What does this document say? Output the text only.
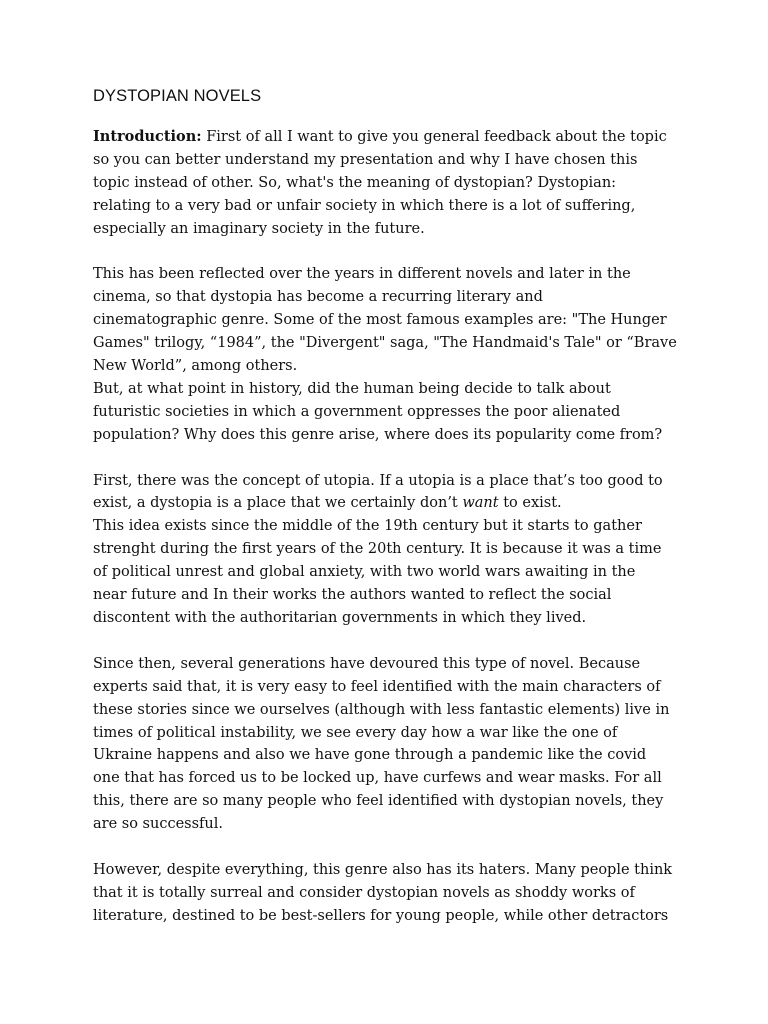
DYSTOPIAN NOVELS

Introduction: First of all I want to give you general feedback about the topic
so you can better understand my presentation and why I have chosen this
topic instead of other. So, what's the meaning of dystopian? Dystopian:
relating to a very bad or unfair society in which there is a lot of suffering,
especially an imaginary society in the future.

This has been reflected over the years in different novels and later in the
cinema, so that dystopia has become a recurring literary and
cinematographic genre. Some of the most famous examples are: "The Hunger
Games" trilogy, “1984”, the "Divergent" saga, "The Handmaid's Tale" or “Brave
New World”, among others.

But, at what point in history, did the human being decide to talk about
futuristic societies in which a government oppresses the poor alienated
population? Why does this genre arise, where does its popularity come from?

First, there was the concept of utopia. If a utopia is a place that’s too good to
exist, a dystopia is a place that we certainly don’t want to exist.

This idea exists since the middle of the 19th century but it starts to gather
strenght during the first years of the 20th century. It is because it was a time
of political unrest and global anxiety, with two world wars awaiting in the
near future and In their works the authors wanted to reflect the social
discontent with the authoritarian governments in which they lived.

Since then, several generations have devoured this type of novel. Because
experts said that, it is very easy to feel identified with the main characters of
these stories since we ourselves (although with less fantastic elements) live in
times of political instability, we see every day how a war like the one of
Ukraine happens and also we have gone through a pandemic like the covid
one that has forced us to be locked up, have curfews and wear masks. For all
this, there are so many people who feel identified with dystopian novels, they
are so successful.

However, despite everything, this genre also has its haters. Many people think
that it is totally surreal and consider dystopian novels as shoddy works of
literature, destined to be best-sellers for young people, while other detractors
